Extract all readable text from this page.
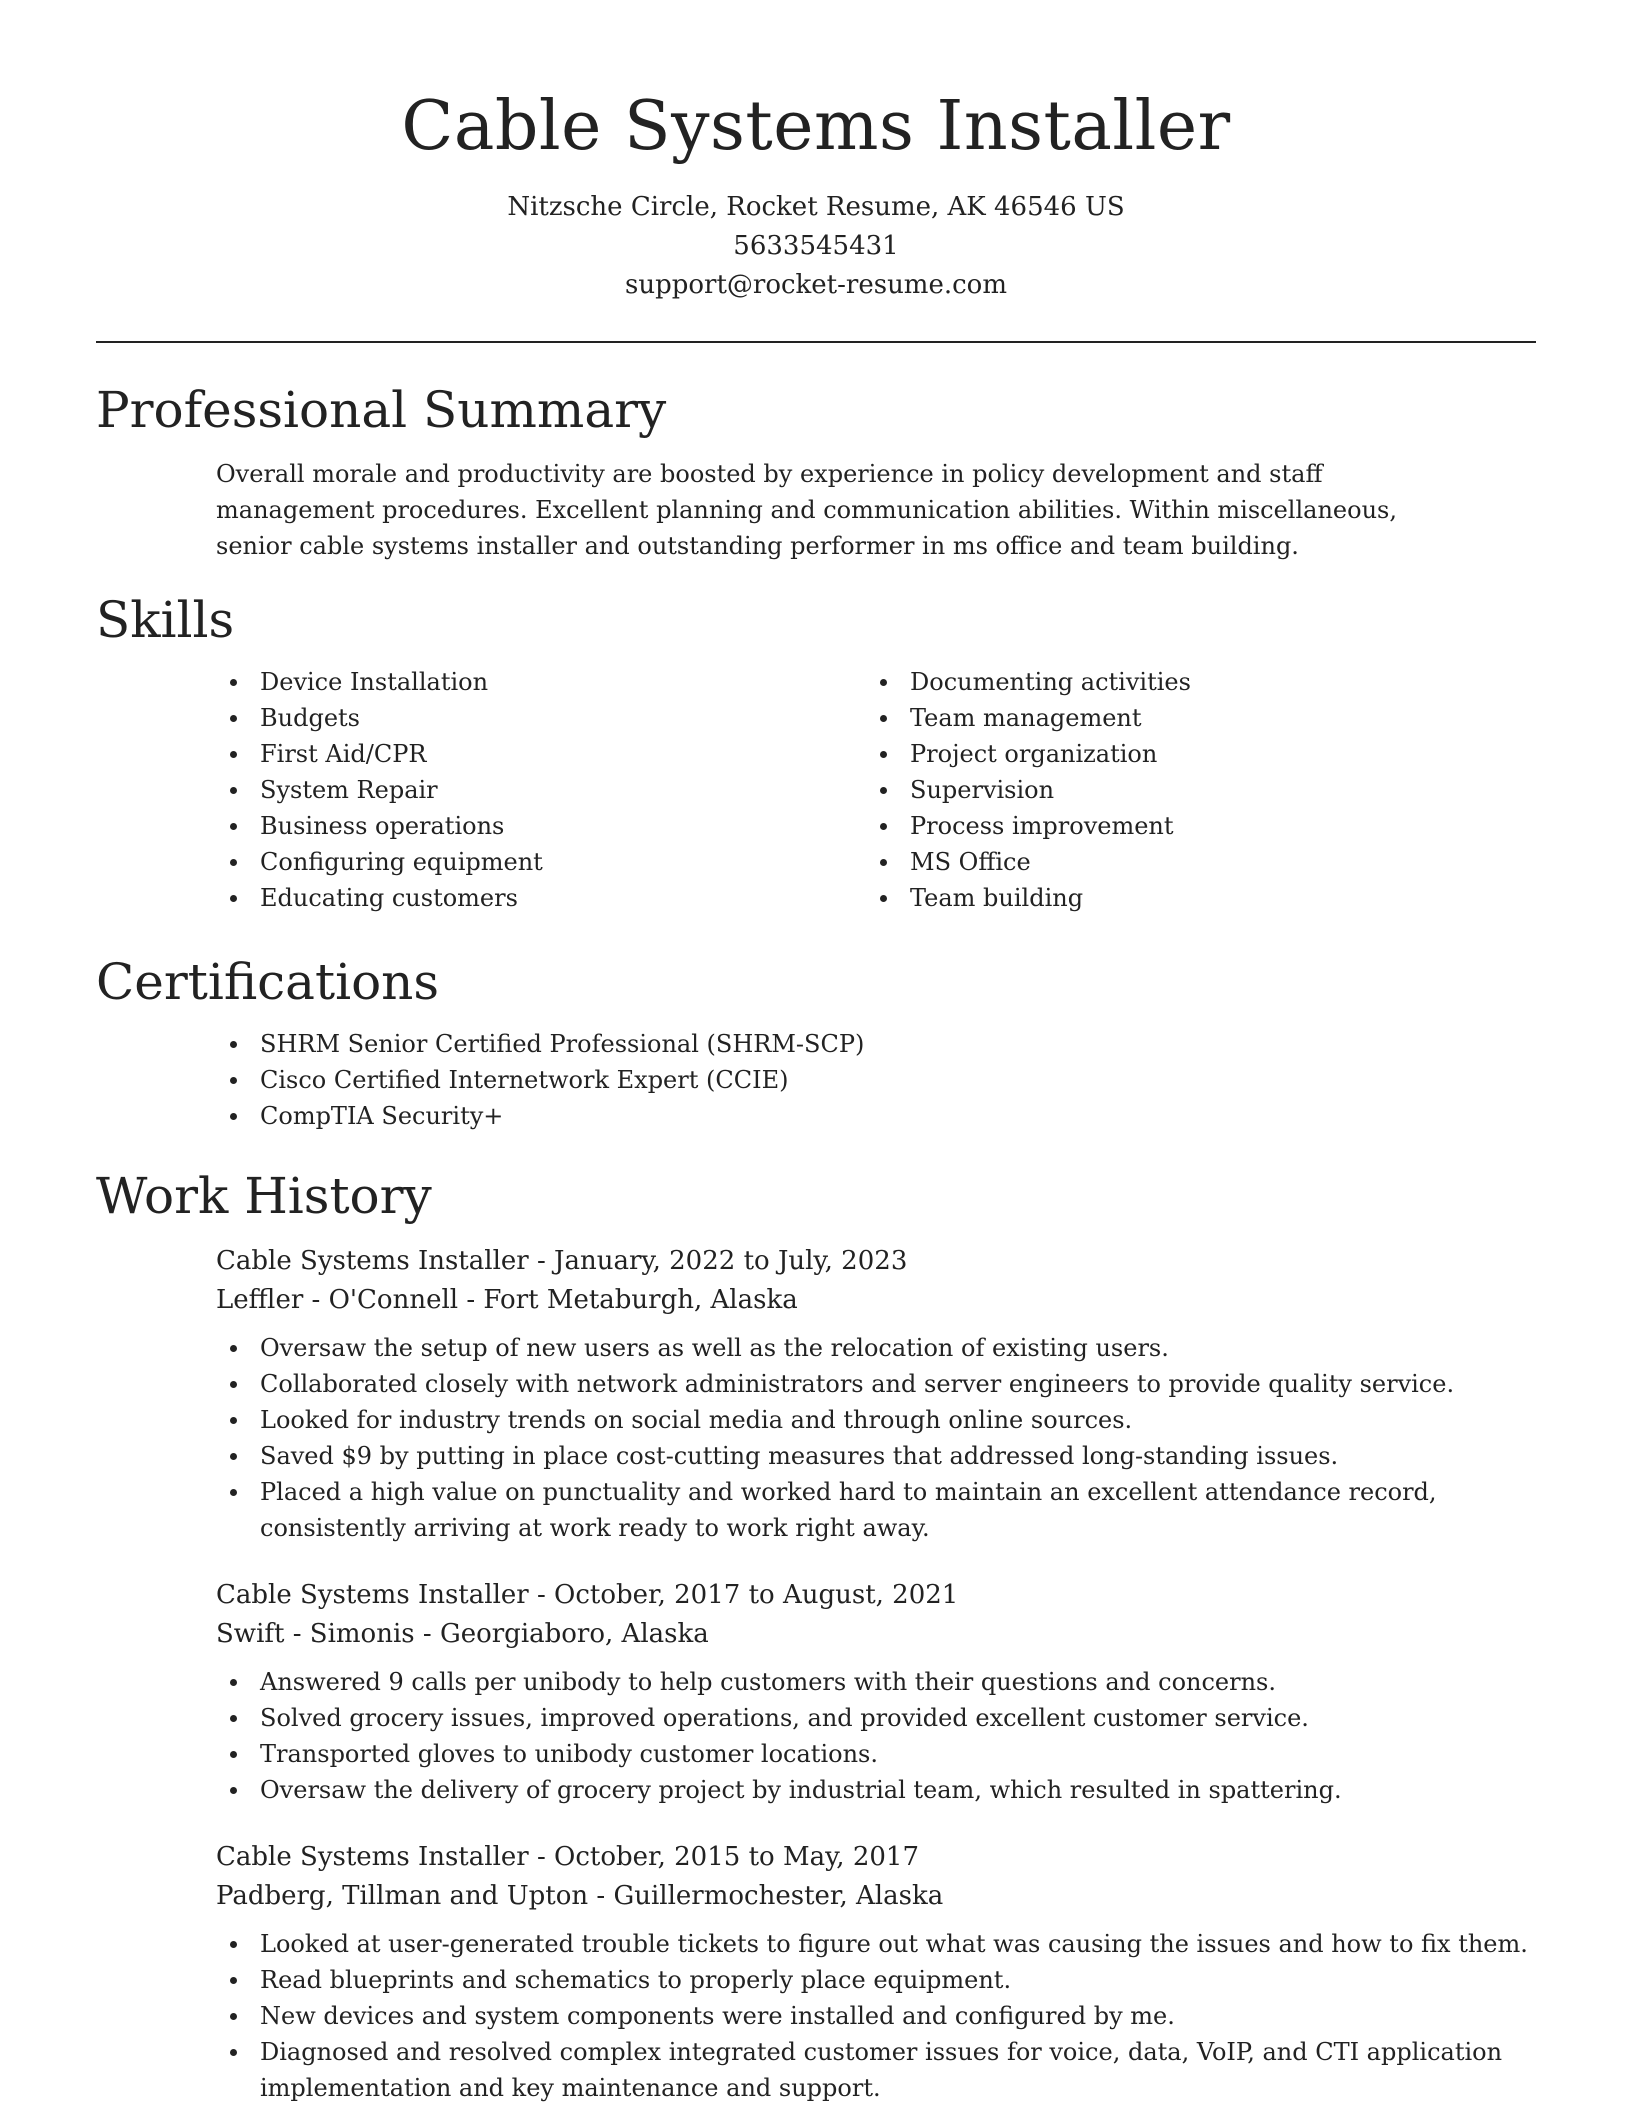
Cable Systems Installer
Nitzsche Circle, Rocket Resume, AK 46546 US
5633545431
support@rocket-resume.com
Professional Summary

Overall morale and productivity are boosted by experience in policy development and staff management procedures. Excellent planning and communication abilities. Within miscellaneous, senior cable systems installer and outstanding performer in ms office and team building.

Skills
Device Installation
Budgets
First Aid/CPR
System Repair
Business operations
Configuring equipment
Educating customers
Documenting activities
Team management
Project organization
Supervision
Process improvement
MS Office
Team building
Certifications
SHRM Senior Certified Professional (SHRM-SCP)
Cisco Certified Internetwork Expert (CCIE)
CompTIA Security+
Work History
Cable Systems Installer - January, 2022 to July, 2023
Leffler - O'Connell - Fort Metaburgh, Alaska
Oversaw the setup of new users as well as the relocation of existing users.
Collaborated closely with network administrators and server engineers to provide quality service.
Looked for industry trends on social media and through online sources.
Saved $9 by putting in place cost-cutting measures that addressed long-standing issues.
Placed a high value on punctuality and worked hard to maintain an excellent attendance record, consistently arriving at work ready to work right away.
Cable Systems Installer - October, 2017 to August, 2021
Swift - Simonis - Georgiaboro, Alaska
Answered 9 calls per unibody to help customers with their questions and concerns.
Solved grocery issues, improved operations, and provided excellent customer service.
Transported gloves to unibody customer locations.
Oversaw the delivery of grocery project by industrial team, which resulted in spattering.
Cable Systems Installer - October, 2015 to May, 2017
Padberg, Tillman and Upton - Guillermochester, Alaska
Looked at user-generated trouble tickets to figure out what was causing the issues and how to fix them.
Read blueprints and schematics to properly place equipment.
New devices and system components were installed and configured by me.
Diagnosed and resolved complex integrated customer issues for voice, data, VoIP, and CTI application implementation and key maintenance and support.
